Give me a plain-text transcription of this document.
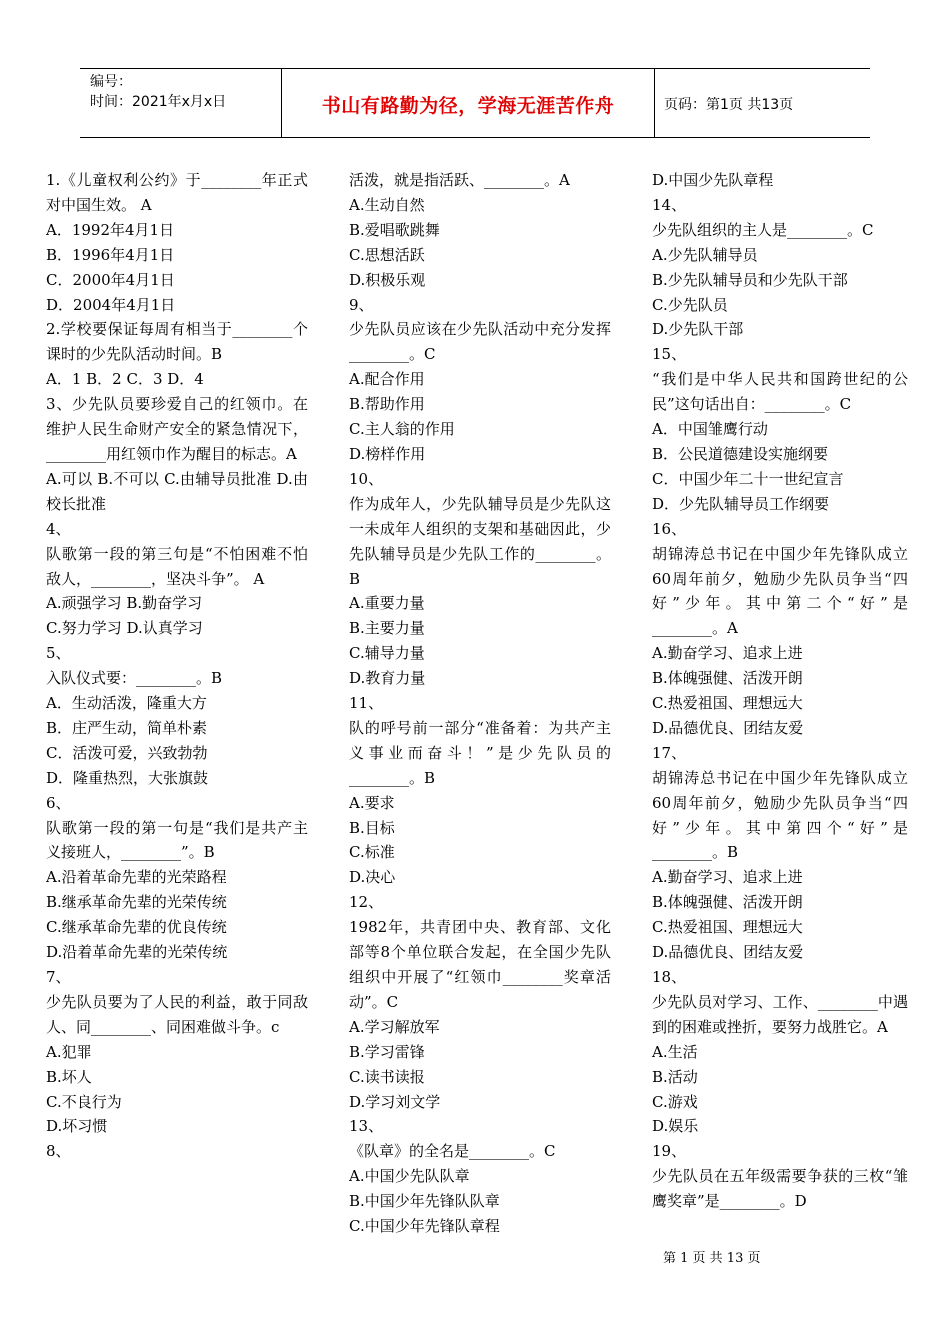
编号：
时间：2021年x月x日	书山有路勤为径，学海无涯苦作舟	页码：第1页 共13页

1.《儿童权利公约》于________年正式对中国生效。 A

A．1992年4月1日

B．1996年4月1日

C．2000年4月1日

D．2004年4月1日

2.学校要保证每周有相当于________个课时的少先队活动时间。B

A．1 B．2 C．3 D．4

3、少先队员要珍爱自己的红领巾。在维护人民生命财产安全的紧急情况下，________用红领巾作为醒目的标志。A

A.可以 B.不可以 C.由辅导员批准 D.由校长批准

4、

队歌第一段的第三句是“不怕困难不怕敌人，________，坚决斗争”。 A

A.顽强学习 B.勤奋学习

C.努力学习 D.认真学习

5、

入队仪式要：________。B

A．生动活泼，隆重大方

B．庄严生动，简单朴素

C．活泼可爱，兴致勃勃

D．隆重热烈，大张旗鼓

6、

队歌第一段的第一句是“我们是共产主义接班人，________”。B

A.沿着革命先辈的光荣路程

B.继承革命先辈的光荣传统

C.继承革命先辈的优良传统

D.沿着革命先辈的光荣传统

7、

少先队员要为了人民的利益，敢于同敌人、同________、同困难做斗争。c

A.犯罪

B.坏人

C.不良行为

D.坏习惯

8、

活泼，就是指活跃、________。A

A.生动自然

B.爱唱歌跳舞

C.思想活跃

D.积极乐观

9、

少先队员应该在少先队活动中充分发挥________。C

A.配合作用

B.帮助作用

C.主人翁的作用

D.榜样作用

10、

作为成年人，少先队辅导员是少先队这一未成年人组织的支架和基础因此，少先队辅导员是少先队工作的________。B

A.重要力量

B.主要力量

C.辅导力量

D.教育力量

11、

队的呼号前一部分“准备着：为共产主义事业而奋斗！”是少先队员的________。B

A.要求

B.目标

C.标准

D.决心

12、

1982年，共青团中央、教育部、文化部等8个单位联合发起，在全国少先队组织中开展了“红领巾________奖章活动”。C

A.学习解放军

B.学习雷锋

C.读书读报

D.学习刘文学

13、

《队章》的全名是________。C

A.中国少先队队章

B.中国少年先锋队队章

C.中国少年先锋队章程

D.中国少先队章程

14、

少先队组织的主人是________。C

A.少先队辅导员

B.少先队辅导员和少先队干部

C.少先队员

D.少先队干部

15、

“我们是中华人民共和国跨世纪的公民”这句话出自：________。C

A．中国雏鹰行动

B．公民道德建设实施纲要

C．中国少年二十一世纪宣言

D．少先队辅导员工作纲要

16、

胡锦涛总书记在中国少年先锋队成立60周年前夕，勉励少先队员争当“四好”少年。其中第二个“好”是________。A

A.勤奋学习、追求上进

B.体魄强健、活泼开朗

C.热爱祖国、理想远大

D.品德优良、团结友爱

17、

胡锦涛总书记在中国少年先锋队成立60周年前夕，勉励少先队员争当“四好”少年。其中第四个“好”是________。B

A.勤奋学习、追求上进

B.体魄强健、活泼开朗

C.热爱祖国、理想远大

D.品德优良、团结友爱

18、

少先队员对学习、工作、________中遇到的困难或挫折，要努力战胜它。A

A.生活

B.活动

C.游戏

D.娱乐

19、

少先队员在五年级需要争获的三枚“雏鹰奖章”是________。D

第 1 页 共 13 页
